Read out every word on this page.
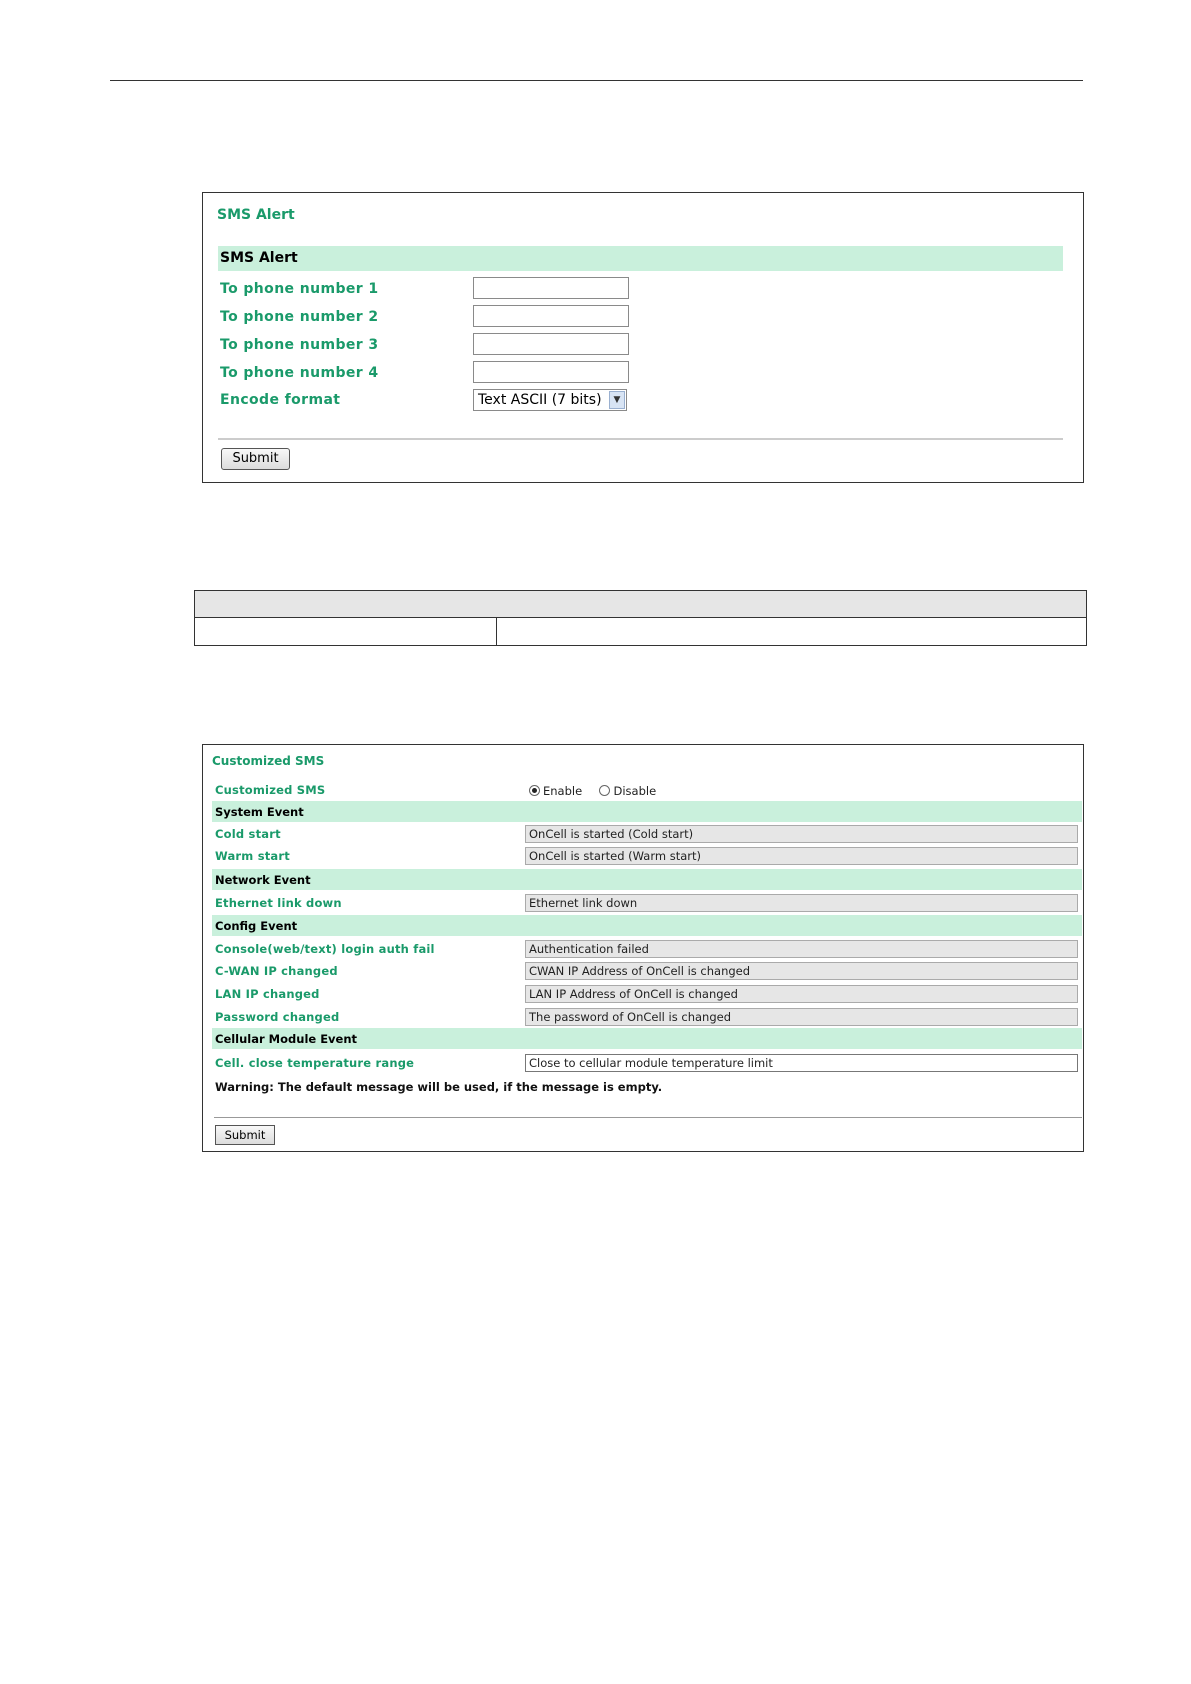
SMS Alert
SMS Alert
To phone number 1
To phone number 2
To phone number 3
To phone number 4
Encode format	Text ASCII (7 bits)	▼
Submit
Customized SMS
Customized SMS	Enable	Disable
System Event
Cold start	OnCell is started (Cold start)
Warm start	OnCell is started (Warm start)
Network Event
Ethernet link down	Ethernet link down
Config Event
Console(web/text) login auth fail	Authentication failed
C-WAN IP changed	CWAN IP Address of OnCell is changed
LAN IP changed	LAN IP Address of OnCell is changed
Password changed	The password of OnCell is changed
Cellular Module Event
Cell. close temperature range	Close to cellular module temperature limit
Warning: The default message will be used, if the message is empty.
Submit
